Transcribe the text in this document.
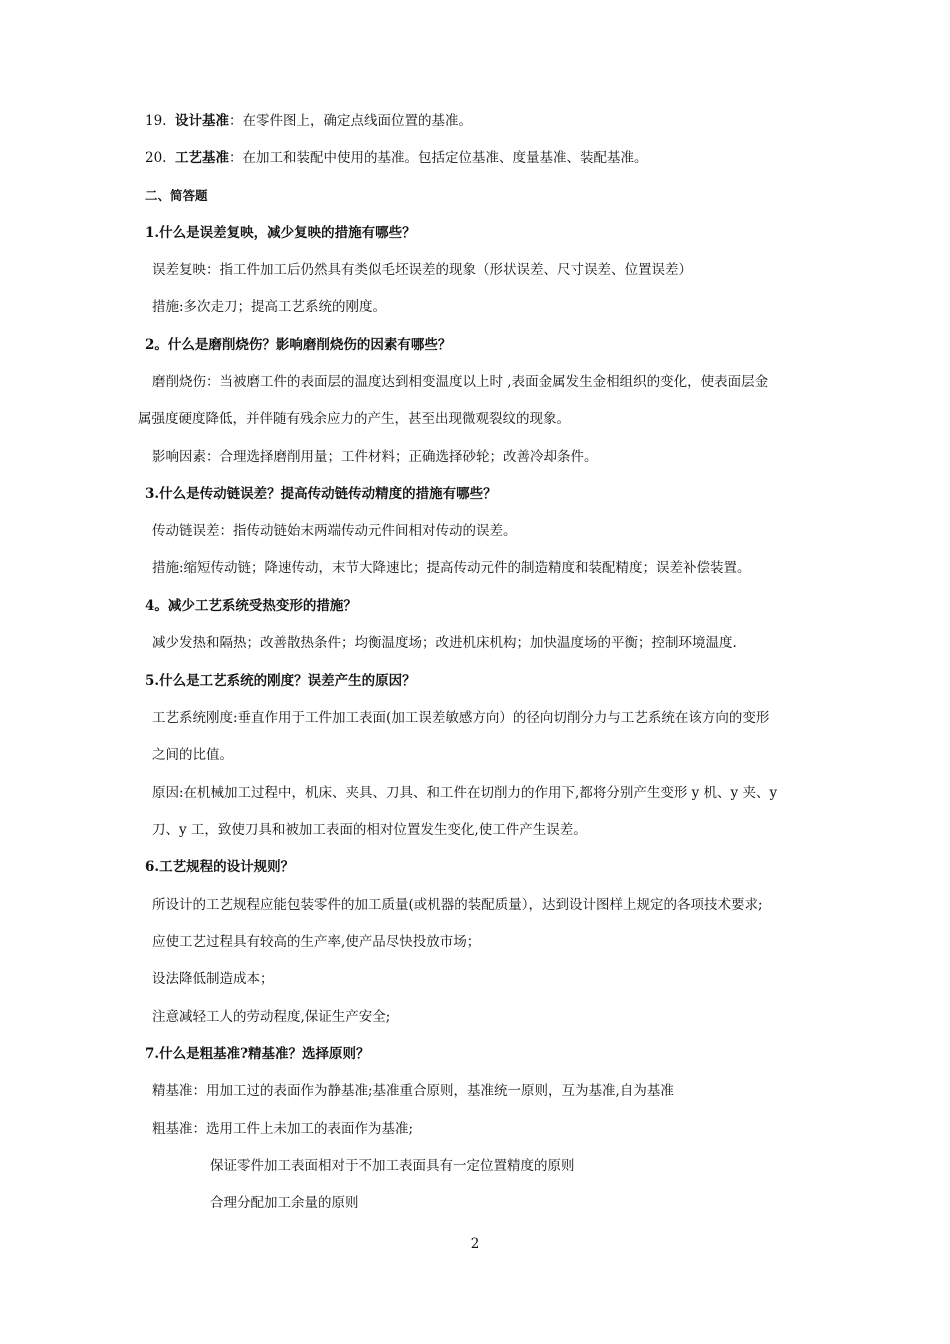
19. 设计基准：在零件图上，确定点线面位置的基准。
20. 工艺基准：在加工和装配中使用的基准。包括定位基准、度量基准、装配基准。
二、简答题
1.什么是误差复映，减少复映的措施有哪些？
误差复映：指工件加工后仍然具有类似毛坯误差的现象（形状误差、尺寸误差、位置误差）
措施:多次走刀；提高工艺系统的刚度。
2。什么是磨削烧伤？影响磨削烧伤的因素有哪些？
磨削烧伤：当被磨工件的表面层的温度达到相变温度以上时 ,表面金属发生金相组织的变化，使表面层金
属强度硬度降低，并伴随有残余应力的产生，甚至出现微观裂纹的现象。
影响因素：合理选择磨削用量；工件材料；正确选择砂轮；改善冷却条件。
3.什么是传动链误差？提高传动链传动精度的措施有哪些？
传动链误差：指传动链始末两端传动元件间相对传动的误差。
措施:缩短传动链；降速传动，末节大降速比；提高传动元件的制造精度和装配精度；误差补偿装置。
4。减少工艺系统受热变形的措施？
减少发热和隔热；改善散热条件；均衡温度场；改进机床机构；加快温度场的平衡；控制环境温度.
5.什么是工艺系统的刚度？误差产生的原因？
工艺系统刚度:垂直作用于工件加工表面(加工误差敏感方向）的径向切削分力与工艺系统在该方向的变形
之间的比值。
原因:在机械加工过程中，机床、夹具、刀具、和工件在切削力的作用下,都将分别产生变形 y 机、y 夹、y
刀、y 工，致使刀具和被加工表面的相对位置发生变化,使工件产生误差。
6.工艺规程的设计规则？
所设计的工艺规程应能包装零件的加工质量(或机器的装配质量），达到设计图样上规定的各项技术要求;
应使工艺过程具有较高的生产率,使产品尽快投放市场；
设法降低制造成本；
注意减轻工人的劳动程度,保证生产安全;
7.什么是粗基准?精基准？选择原则？
精基准：用加工过的表面作为静基准;基准重合原则，基准统一原则，互为基准,自为基准
粗基准：选用工件上未加工的表面作为基准;
保证零件加工表面相对于不加工表面具有一定位置精度的原则
合理分配加工余量的原则
2
